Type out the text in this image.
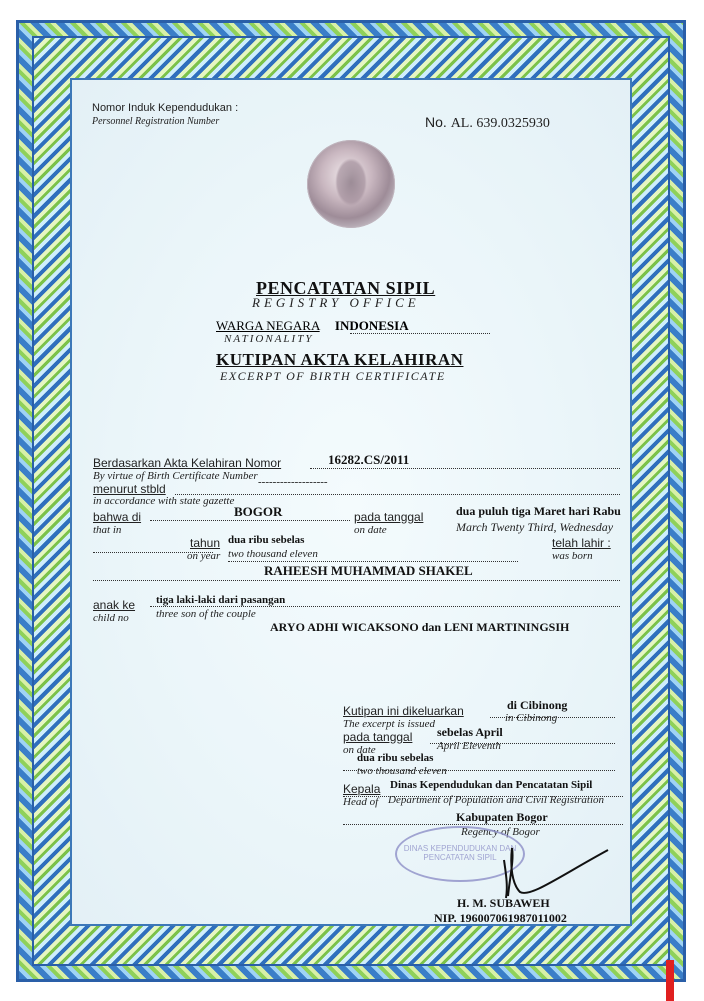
Nomor Induk Kependudukan :
Personnel Registration Number	No. AL. 639.0325930
PENCATATAN SIPIL
REGISTRY OFFICE
WARGA NEGARA INDONESIA
NATIONALITY
KUTIPAN AKTA KELAHIRAN
EXCERPT OF BIRTH CERTIFICATE
Berdasarkan Akta Kelahiran Nomor
By virtue of Birth Certificate Number
16282.CS/2011
menurut stbld	-------------------
in accordance with state gazette
bahwa di
that in
BOGOR	pada tanggal
on date
dua puluh tiga Maret hari Rabu
March Twenty Third, Wednesday
tahun
on year
dua ribu sebelas
two thousand eleven
telah lahir :
was born
RAHEESH MUHAMMAD SHAKEL
anak ke
child no
tiga laki-laki dari pasangan
three son of the couple
ARYO ADHI WICAKSONO dan LENI MARTININGSIH
Kutipan ini dikeluarkan
The excerpt is issued
di Cibinong
in Cibinong
pada tanggal
on date
sebelas April
April Eleventh
dua ribu sebelas
two thousand eleven
Kepala
Head of
Dinas Kependudukan dan Pencatatan Sipil
Department of Population and Civil Registration
Kabupaten Bogor
Regency of Bogor
DINAS KEPENDUDUKAN DAN PENCATATAN SIPIL
H. M. SUBAWEH
NIP. 196007061987011002
